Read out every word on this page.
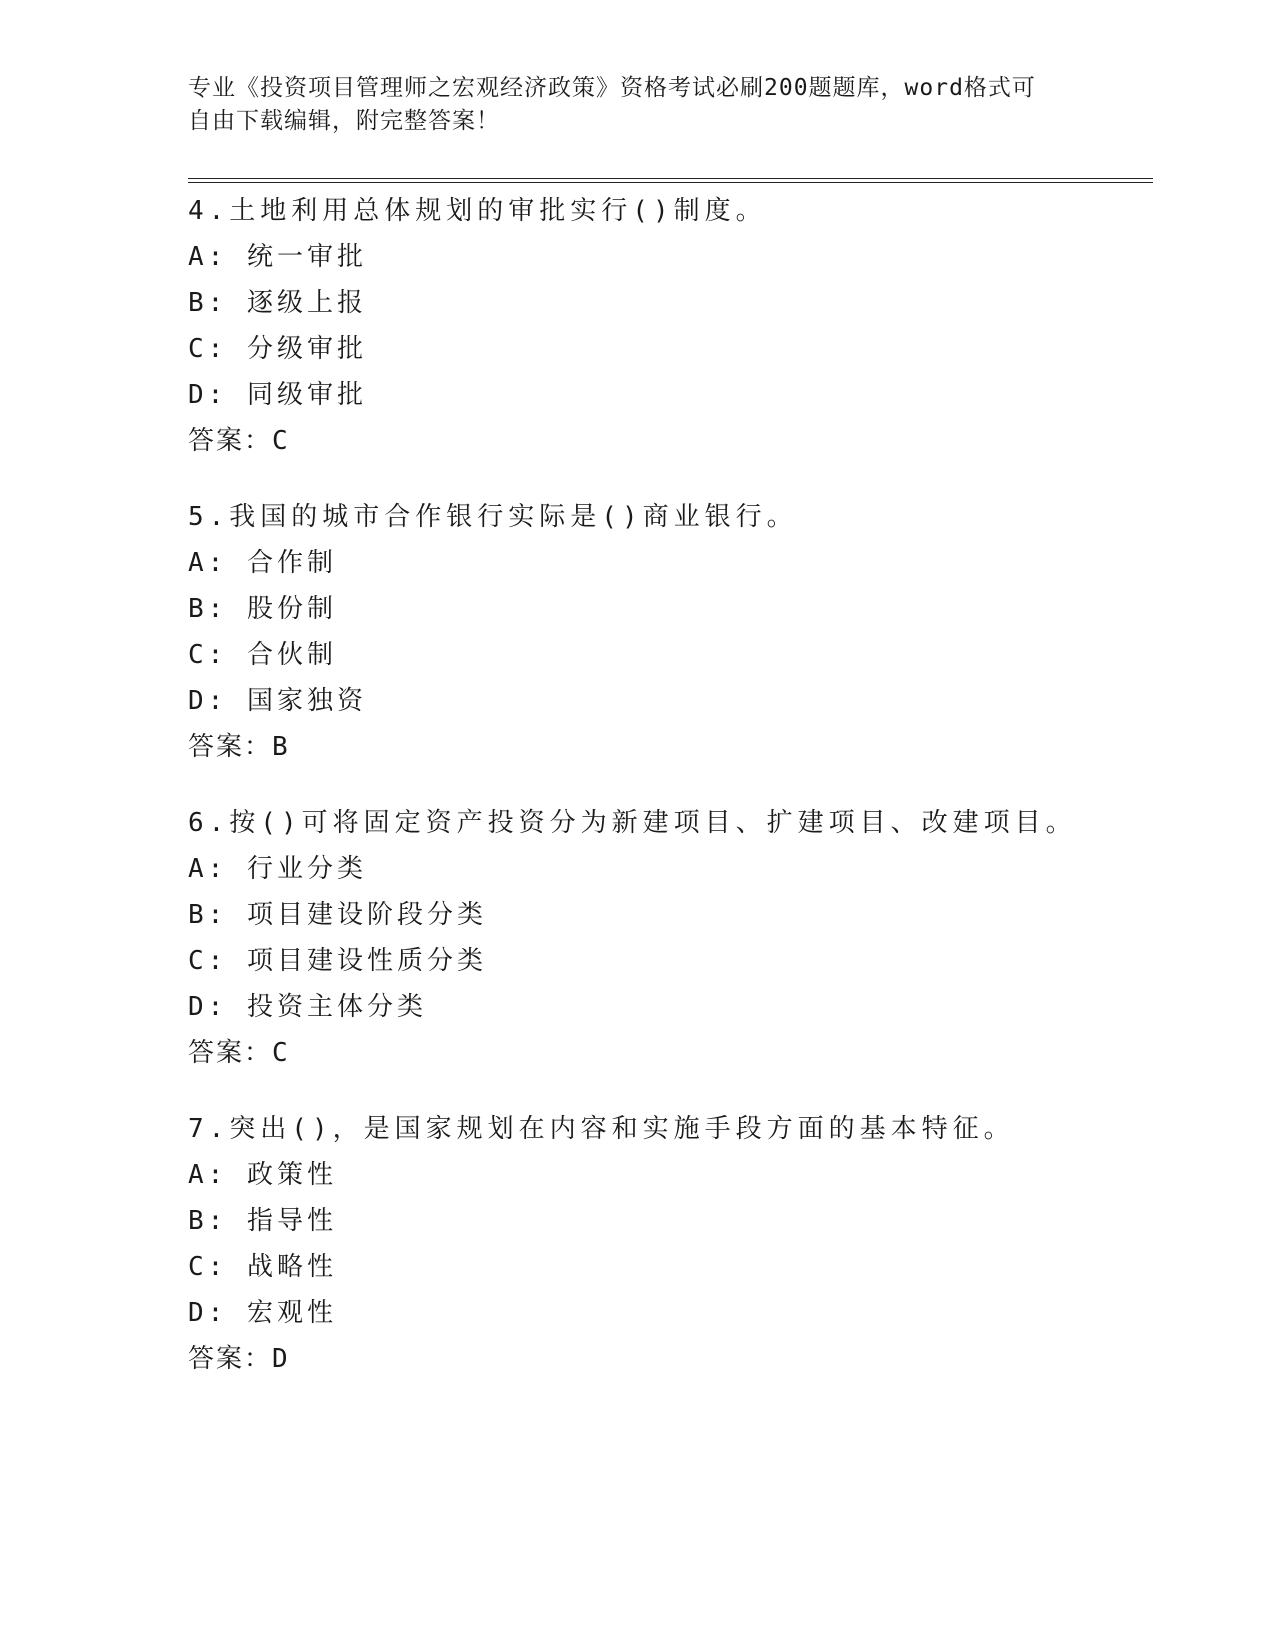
专业《投资项目管理师之宏观经济政策》资格考试必刷200题题库，word格式可
自由下载编辑，附完整答案！
4.土地利用总体规划的审批实行()制度。
A: 统一审批
B: 逐级上报
C: 分级审批
D: 同级审批
答案：C
5.我国的城市合作银行实际是()商业银行。
A: 合作制
B: 股份制
C: 合伙制
D: 国家独资
答案：B
6.按()可将固定资产投资分为新建项目、扩建项目、改建项目。
A: 行业分类
B: 项目建设阶段分类
C: 项目建设性质分类
D: 投资主体分类
答案：C
7.突出()，是国家规划在内容和实施手段方面的基本特征。
A: 政策性
B: 指导性
C: 战略性
D: 宏观性
答案：D
